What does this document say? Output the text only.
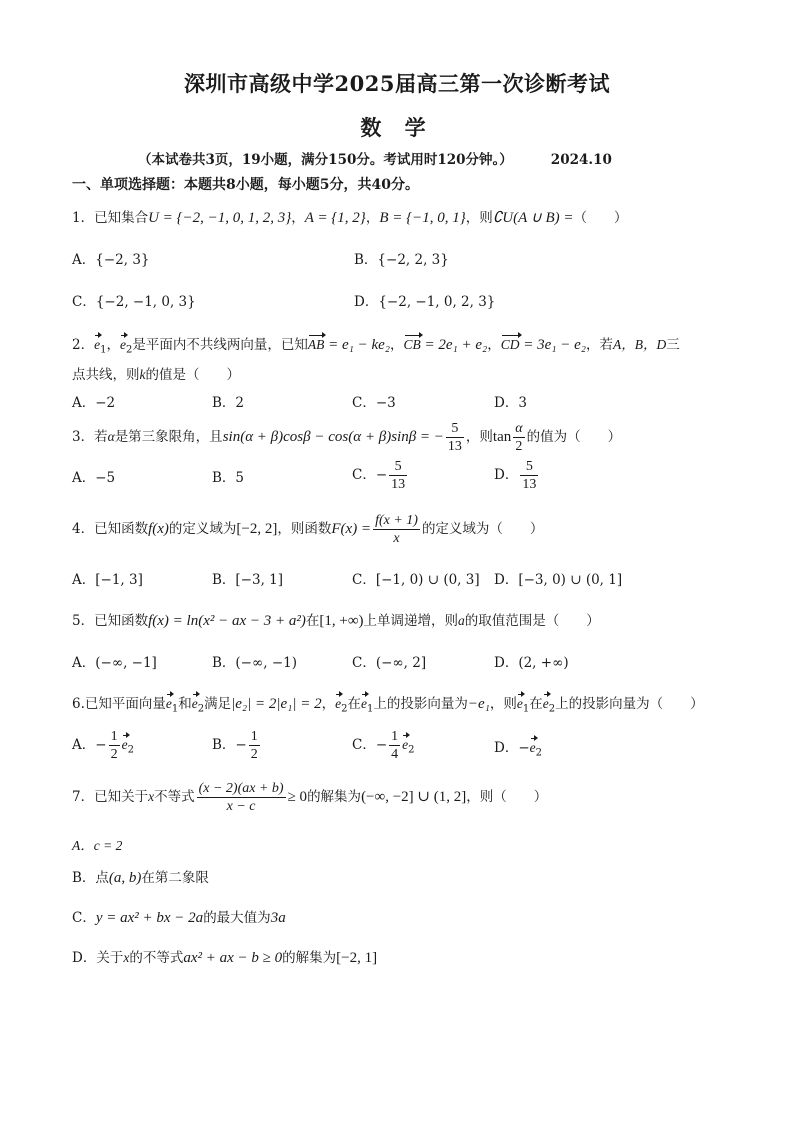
深圳市高级中学2025届高三第一次诊断考试
数 学
（本试卷共3页，19小题，满分150分。考试用时120分钟。）	2024.10
一、单项选择题：本题共8小题，每小题5分，共40分。
1．已知集合U = {−2, −1, 0, 1, 2, 3}，A = {1, 2}，B = {−1, 0, 1}，则∁U(A ∪ B) =（　　）
A．{−2, 3}	B．{−2, 2, 3}
C．{−2, −1, 0, 3}	D．{−2, −1, 0, 2, 3}
2．$e_1$，$e_2$是平面内不共线两向量，已知AB = e₁ − ke₂，CB = 2e₁ + e₂，CD = 3e₁ − e₂，若A，B，D三
点共线，则k的值是（　　）
A．−2	B．2	C．−3	D．3
3．若α是第三象限角，且sin(α + β)cosβ − cos(α + β)sinβ = − $\frac{5}{13}$ ，则$\tan \frac{\alpha}{2}$ 的值为（　　）
A．−5	B．5	C．− $\frac{5}{13}$	D． $\frac{5}{13}$
4．已知函数f(x)的定义域为[−2, 2]，则函数$F(x) = \frac{f(x + 1)}{x}$ 的定义域为（　　）
A．[−1, 3]	B．[−3, 1]	C．[−1, 0) ∪ (0, 3] D．[−3, 0) ∪ (0, 1]
5．已知函数f(x) = ln(x² − ax − 3 + a²)在[1, +∞)上单调递增，则a的取值范围是（　　）
A．(−∞, −1]	B．(−∞, −1)	C．(−∞, 2]	D．(2, +∞)
6.已知平面向量$e_1$和$e_2$满足|e₂| = 2|e₁| = 2，$e_2$在$e_1$上的投影向量为−e₁，则$e_1$在$e_2$上的投影向量为（　　）
A．− $\frac{1}{2} e_2$	B．− $\frac{1}{2}$	C．− $\frac{1}{4} e_2$	D．$-e_2$
7．已知关于x不等式 $\frac{(x - 2)(ax + b)}{x - c} \ge 0$的解集为(−∞, −2] ∪ (1, 2]，则（　　）
A．c = 2
B．点(a, b)在第二象限
C．y = ax² + bx − 2a的最大值为3a
D．关于x的不等式ax² + ax − b ≥ 0的解集为[−2, 1]
